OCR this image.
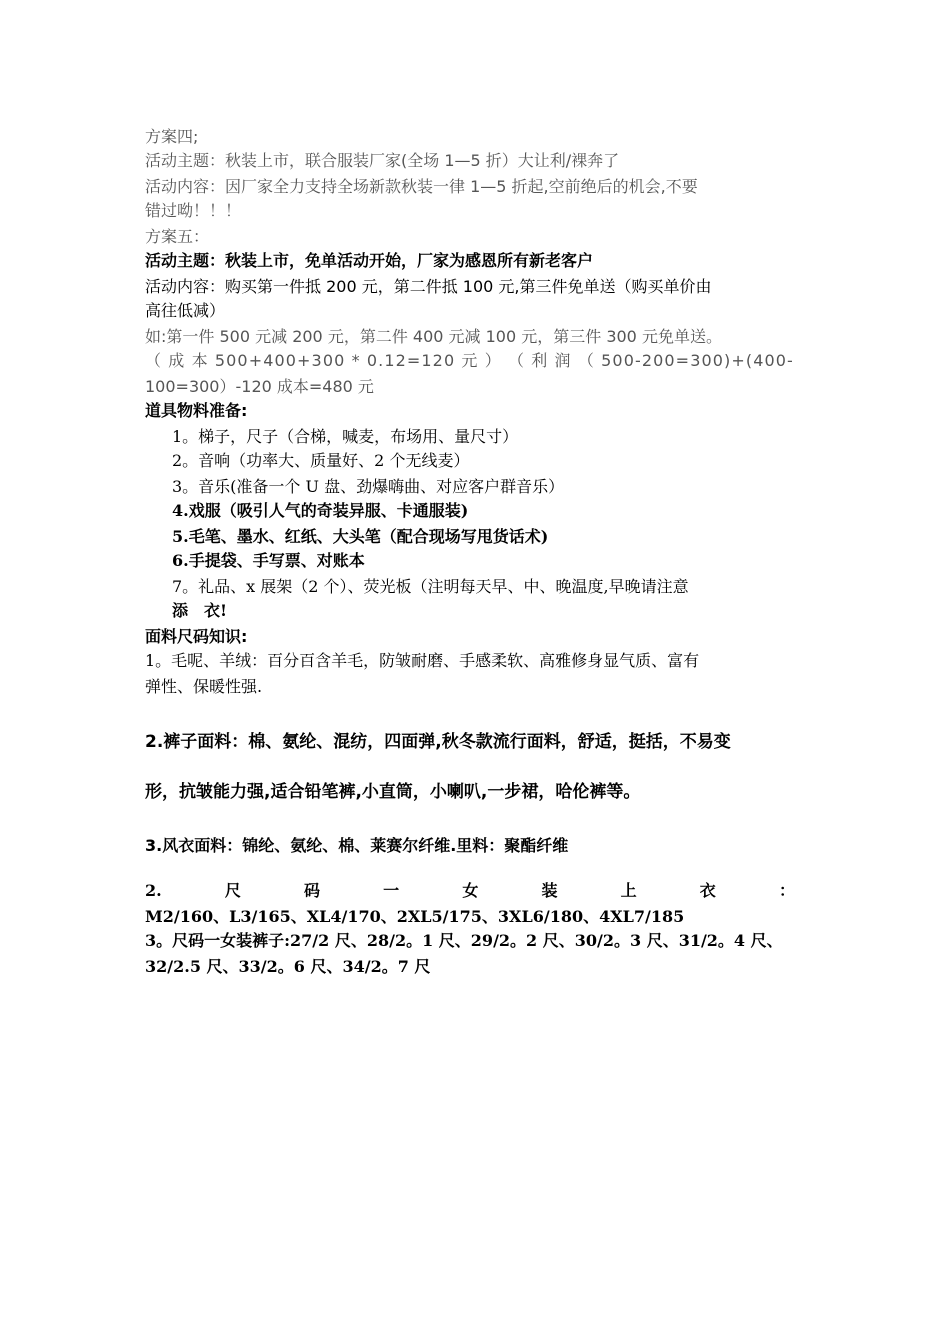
方案四;
活动主题：秋装上市，联合服装厂家(全场 1—5 折）大让利/裸奔了
活动内容：因厂家全力支持全场新款秋装一律 1—5 折起,空前绝后的机会,不要
错过呦！！！
方案五：
活动主题：秋装上市，免单活动开始，厂家为感恩所有新老客户
活动内容：购买第一件抵 200 元，第二件抵 100 元,第三件免单送（购买单价由
高往低减）
如:第一件 500 元减 200 元，第二件 400 元减 100 元，第三件 300 元免单送。
（ 成 本 500+400+300 * 0.12=120 元 ） （ 利 润 （ 500-200=300)+(400-
100=300）-120 成本=480 元
道具物料准备:
1。梯子，尺子（合梯，喊麦，布场用、量尺寸）
2。音响（功率大、质量好、2 个无线麦）
3。音乐(准备一个 U 盘、劲爆嗨曲、对应客户群音乐）
4.戏服（吸引人气的奇装异服、卡通服装)
5.毛笔、墨水、红纸、大头笔（配合现场写甩货话术)
6.手提袋、手写票、对账本
7。礼品、x 展架（2 个）、荧光板（注明每天早、中、晚温度,早晚请注意
添　衣!
面料尺码知识:
1。毛呢、羊绒：百分百含羊毛，防皱耐磨、手感柔软、高雅修身显气质、富有
弹性、保暖性强.
2.裤子面料：棉、氨纶、混纺，四面弹,秋冬款流行面料，舒适，挺括，不易变
形，抗皱能力强,适合铅笔裤,小直筒，小喇叭,一步裙，哈伦裤等。
3.风衣面料：锦纶、氨纶、棉、莱赛尔纤维.里料：聚酯纤维
2.	尺	码	一	女	装	上	衣	：
M2/160、L3/165、XL4/170、2XL5/175、3XL6/180、4XL7/185
3。尺码一女装裤子:27/2 尺、28/2。1 尺、29/2。2 尺、30/2。3 尺、31/2。4 尺、
32/2.5 尺、33/2。6 尺、34/2。7 尺
